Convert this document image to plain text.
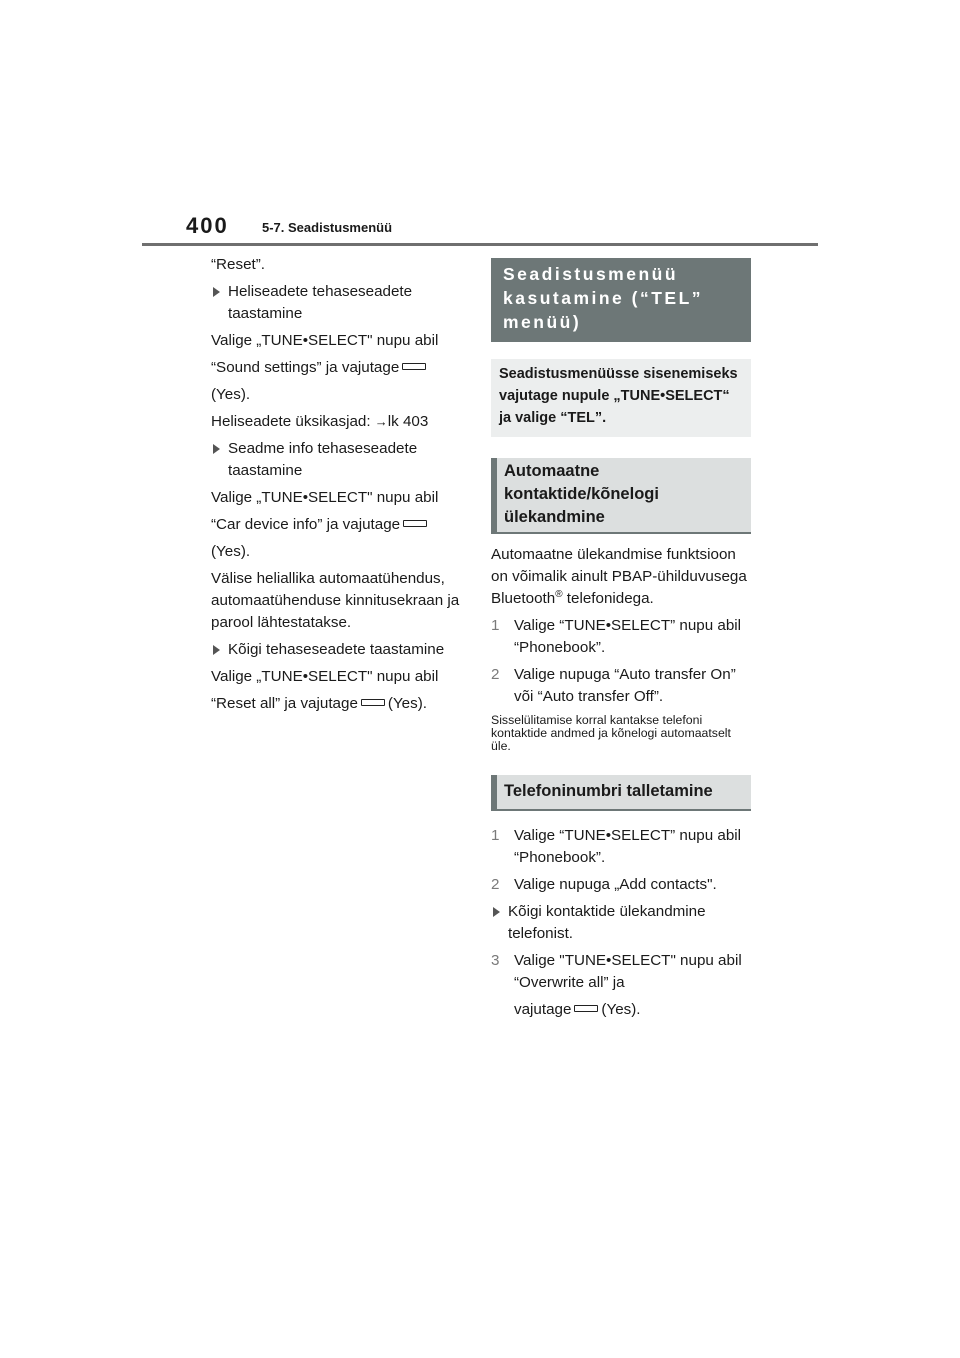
400	5-7. Seadistusmenüü

“Reset”.

Heliseadete tehaseseadete taastamine

Valige „TUNE•SELECT" nupu abil

“Sound settings” ja vajutage

(Yes).

Heliseadete üksikasjad: →lk 403

Seadme info tehaseseadete taastamine

Valige „TUNE•SELECT" nupu abil

“Car device info” ja vajutage

(Yes).

Välise heliallika automaatühendus, automaatühenduse kinnitusekraan ja parool lähtestatakse.

Kõigi tehaseseadete taastamine

Valige „TUNE•SELECT" nupu abil

“Reset all” ja vajutage (Yes).

Seadistusmenüü kasutamine (“TEL” menüü)
Seadistusmenüüsse sisenemiseks vajutage nupule „TUNE•SELECT“ ja valige “TEL”.
Automaatne kontaktide/kõnelogi ülekandmine

Automaatne ülekandmise funktsioon on võimalik ainult PBAP-ühilduvusega Bluetooth® telefonidega.

1 Valige “TUNE•SELECT” nupu abil “Phonebook”.
2 Valige nupuga “Auto transfer On” või “Auto transfer Off”.

Sisselülitamise korral kantakse telefoni kontaktide andmed ja kõnelogi automaatselt üle.

Telefoninumbri talletamine
1 Valige “TUNE•SELECT” nupu abil “Phonebook”.
2 Valige nupuga „Add contacts".
Kõigi kontaktide ülekandmine telefonist.
3 Valige "TUNE•SELECT" nupu abil “Overwrite all” ja

vajutage (Yes).
